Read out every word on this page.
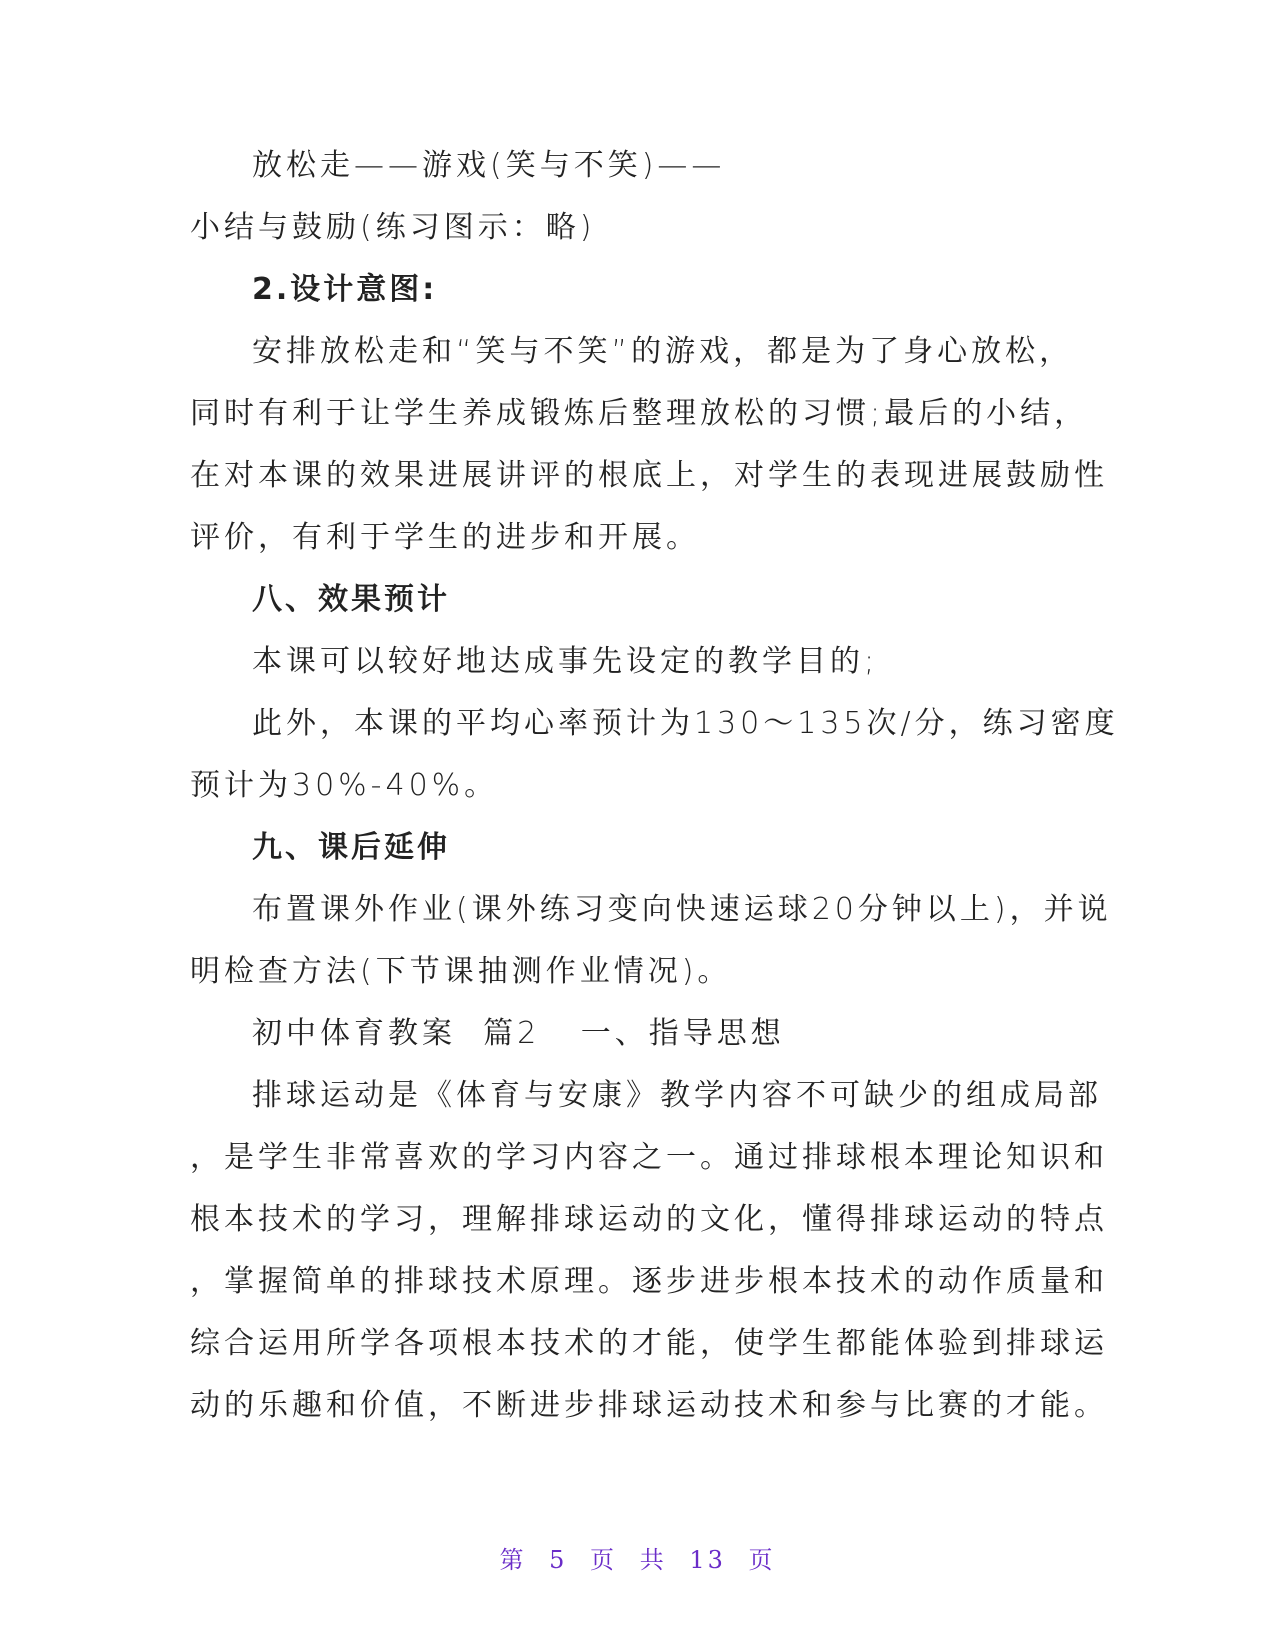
放松走——游戏(笑与不笑)——
小结与鼓励(练习图示：略)
2.设计意图:
安排放松走和“笑与不笑”的游戏，都是为了身心放松，
同时有利于让学生养成锻炼后整理放松的习惯;最后的小结，
在对本课的效果进展讲评的根底上，对学生的表现进展鼓励性
评价，有利于学生的进步和开展。
八、效果预计
本课可以较好地达成事先设定的教学目的;
此外，本课的平均心率预计为130～135次/分，练习密度
预计为30%-40%。
九、课后延伸
布置课外作业(课外练习变向快速运球20分钟以上)，并说
明检查方法(下节课抽测作业情况)。
初中体育教案  篇2   一、指导思想
排球运动是《体育与安康》教学内容不可缺少的组成局部
，是学生非常喜欢的学习内容之一。通过排球根本理论知识和
根本技术的学习，理解排球运动的文化，懂得排球运动的特点
，掌握简单的排球技术原理。逐步进步根本技术的动作质量和
综合运用所学各项根本技术的才能，使学生都能体验到排球运
动的乐趣和价值，不断进步排球运动技术和参与比赛的才能。
第 5 页 共 13 页
